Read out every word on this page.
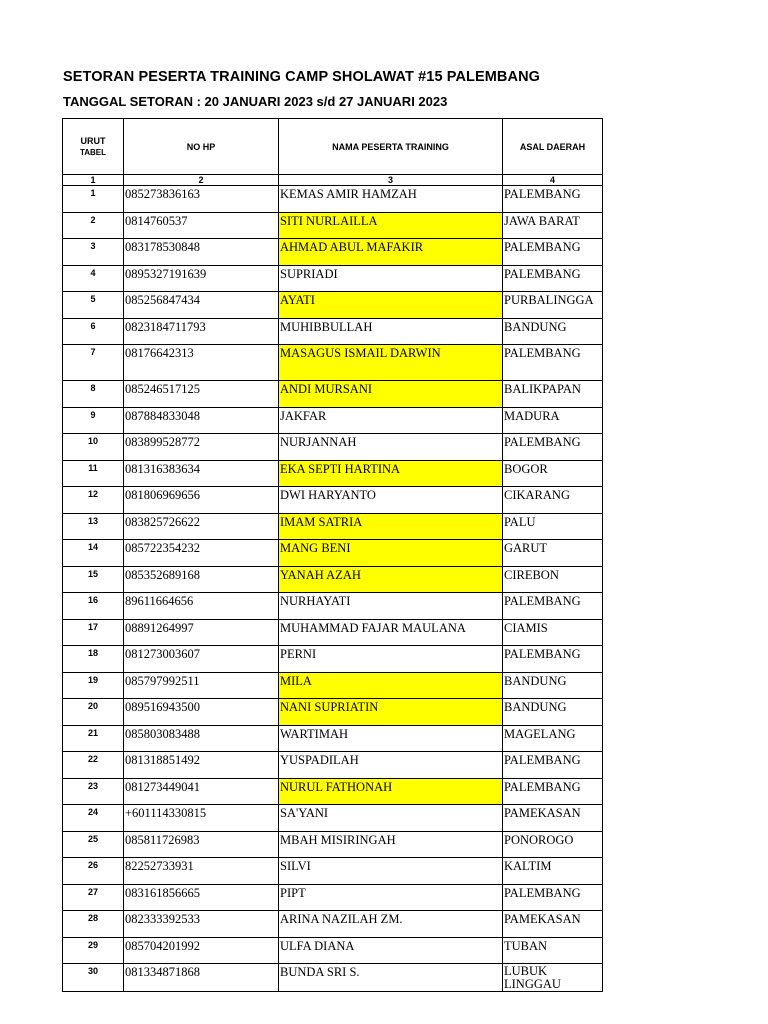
SETORAN PESERTA TRAINING CAMP SHOLAWAT #15 PALEMBANG
TANGGAL SETORAN : 20 JANUARI 2023 s/d 27 JANUARI 2023
URUT
TABEL	NO HP	NAMA PESERTA TRAINING	ASAL DAERAH
1	2	3	4
1	085273836163	KEMAS AMIR HAMZAH	PALEMBANG
2	0814760537	SITI NURLAILLA	JAWA BARAT
3	083178530848	AHMAD ABUL MAFAKIR	PALEMBANG
4	0895327191639	SUPRIADI	PALEMBANG
5	085256847434	AYATI	PURBALINGGA
6	0823184711793	MUHIBBULLAH	BANDUNG
7	08176642313	MASAGUS ISMAIL DARWIN	PALEMBANG
8	085246517125	ANDI MURSANI	BALIKPAPAN
9	087884833048	JAKFAR	MADURA
10	083899528772	NURJANNAH	PALEMBANG
11	081316383634	EKA SEPTI HARTINA	BOGOR
12	081806969656	DWI HARYANTO	CIKARANG
13	083825726622	IMAM SATRIA	PALU
14	085722354232	MANG BENI	GARUT
15	085352689168	YANAH AZAH	CIREBON
16	89611664656	NURHAYATI	PALEMBANG
17	08891264997	MUHAMMAD FAJAR MAULANA	CIAMIS
18	081273003607	PERNI	PALEMBANG
19	085797992511	MILA	BANDUNG
20	089516943500	NANI SUPRIATIN	BANDUNG
21	085803083488	WARTIMAH	MAGELANG
22	081318851492	YUSPADILAH	PALEMBANG
23	081273449041	NURUL FATHONAH	PALEMBANG
24	+601114330815	SA'YANI	PAMEKASAN
25	085811726983	MBAH MISIRINGAH	PONOROGO
26	82252733931	SILVI	KALTIM
27	083161856665	PIPT	PALEMBANG
28	082333392533	ARINA NAZILAH ZM.	PAMEKASAN
29	085704201992	ULFA DIANA	TUBAN
30	081334871868	BUNDA SRI S.	LUBUK LINGGAU
